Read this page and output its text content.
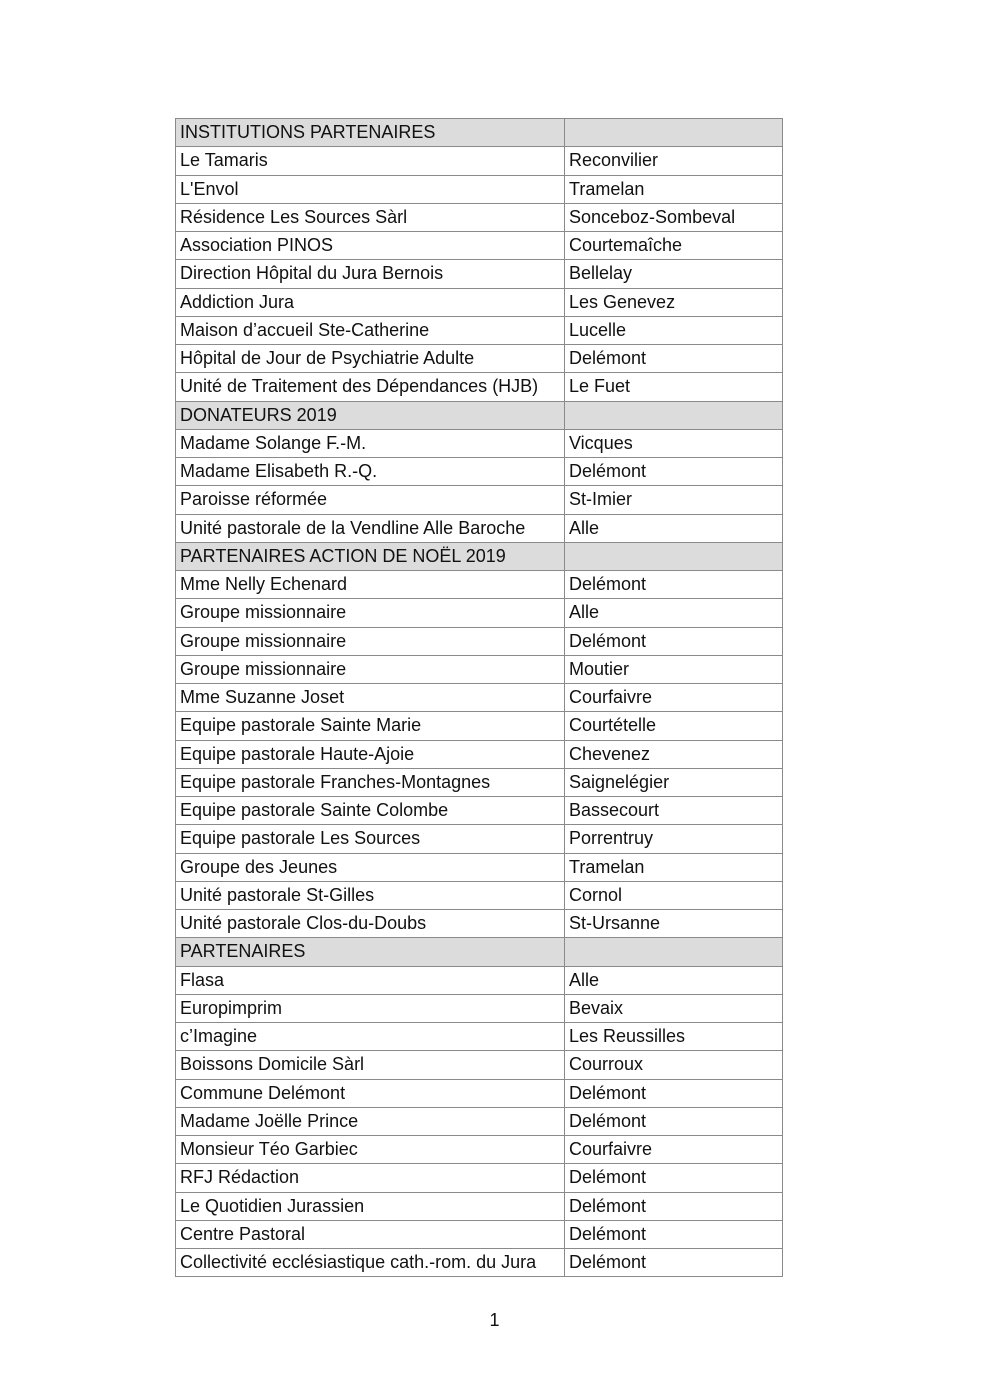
INSTITUTIONS PARTENAIRES	
Le Tamaris	Reconvilier
L'Envol	Tramelan
Résidence Les Sources Sàrl	Sonceboz-Sombeval
Association PINOS	Courtemaîche
Direction Hôpital du Jura Bernois	Bellelay
Addiction Jura	Les Genevez
Maison d’accueil Ste-Catherine	Lucelle
Hôpital de Jour de Psychiatrie Adulte	Delémont
Unité de Traitement des Dépendances (HJB)	Le Fuet
DONATEURS 2019	
Madame Solange F.-M.	Vicques
Madame Elisabeth R.-Q.	Delémont
Paroisse réformée	St-Imier
Unité pastorale de la Vendline Alle Baroche	Alle
PARTENAIRES ACTION DE NOËL 2019	
Mme Nelly Echenard	Delémont
Groupe missionnaire	Alle
Groupe missionnaire	Delémont
Groupe missionnaire	Moutier
Mme Suzanne Joset	Courfaivre
Equipe pastorale Sainte Marie	Courtételle
Equipe pastorale Haute-Ajoie	Chevenez
Equipe pastorale Franches-Montagnes	Saignelégier
Equipe pastorale Sainte Colombe	Bassecourt
Equipe pastorale Les Sources	Porrentruy
Groupe des Jeunes	Tramelan
Unité pastorale St-Gilles	Cornol
Unité pastorale Clos-du-Doubs	St-Ursanne
PARTENAIRES	
Flasa	Alle
Europimprim	Bevaix
c’Imagine	Les Reussilles
Boissons Domicile Sàrl	Courroux
Commune Delémont	Delémont
Madame Joëlle Prince	Delémont
Monsieur Téo Garbiec	Courfaivre
RFJ Rédaction	Delémont
Le Quotidien Jurassien	Delémont
Centre Pastoral	Delémont
Collectivité ecclésiastique cath.-rom. du Jura	Delémont
1
